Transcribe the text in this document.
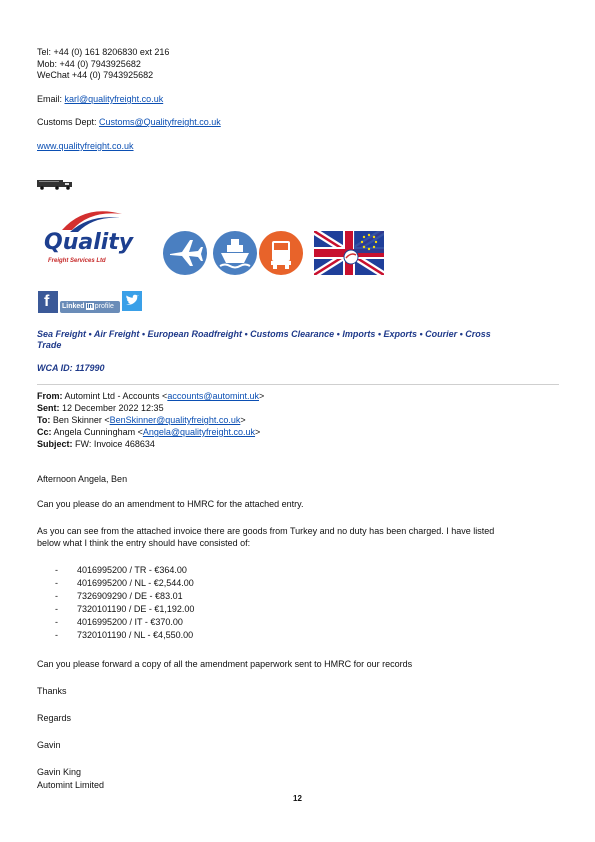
Tel: +44 (0) 161 8206830 ext 216
Mob: +44 (0) 7943925682
WeChat +44 (0) 7943925682
Email: karl@qualityfreight.co.uk
Customs Dept: Customs@Qualityfreight.co.uk
www.qualityfreight.co.uk
Quality
Freight Services Ltd
f Linked in profile
Sea Freight • Air Freight • European Roadfreight • Customs Clearance • Imports • Exports • Courier • Cross
Trade
WCA ID: 117990
From: Automint Ltd - Accounts <accounts@automint.uk>
Sent: 12 December 2022 12:35
To: Ben Skinner <BenSkinner@qualityfreight.co.uk>
Cc: Angela Cunningham <Angela@qualityfreight.co.uk>
Subject: FW: Invoice 468634
Afternoon Angela, Ben
Can you please do an amendment to HMRC for the attached entry.
As you can see from the attached invoice there are goods from Turkey and no duty has been charged. I have listed
below what I think the entry should have consisted of:
- 4016995200 / TR - €364.00
- 4016995200 / NL - €2,544.00
- 7326909290 / DE - €83.01
- 7320101190 / DE - €1,192.00
- 4016995200 / IT - €370.00
- 7320101190 / NL - €4,550.00
Can you please forward a copy of all the amendment paperwork sent to HMRC for our records
Thanks
Regards
Gavin
Gavin King
Automint Limited
12
